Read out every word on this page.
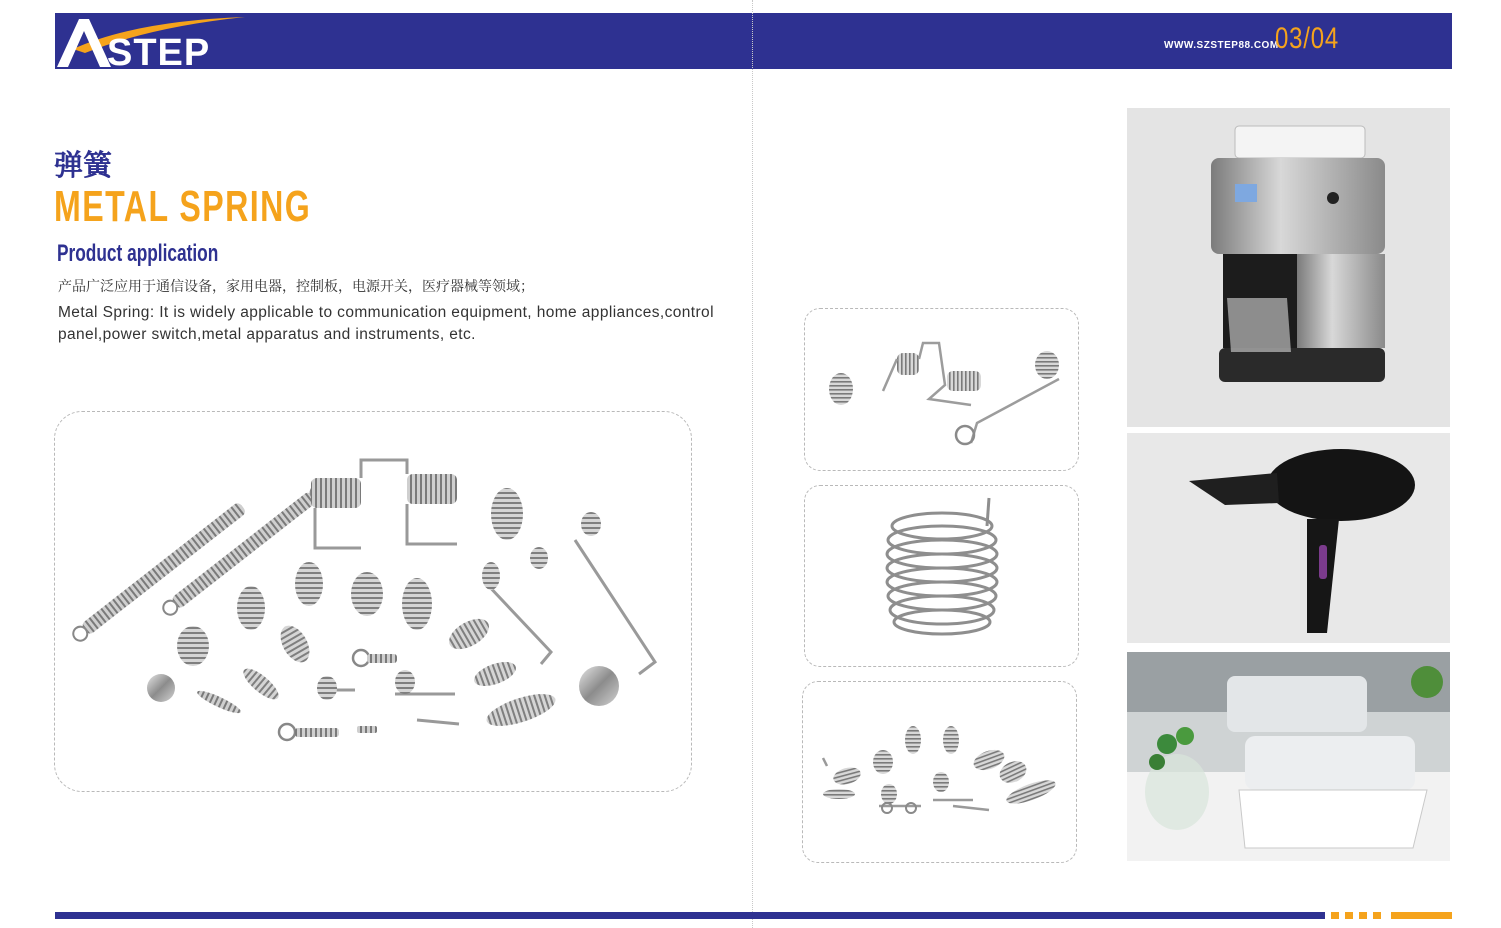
STEP	WWW.SZSTEP88.COM
03/04
弹簧
METAL SPRING
Product application
产品广泛应用于通信设备，家用电器，控制板，电源开关，医疗器械等领域；
Metal Spring: It is widely applicable to communication equipment, home appliances,control panel,power switch,metal apparatus and instruments, etc.
